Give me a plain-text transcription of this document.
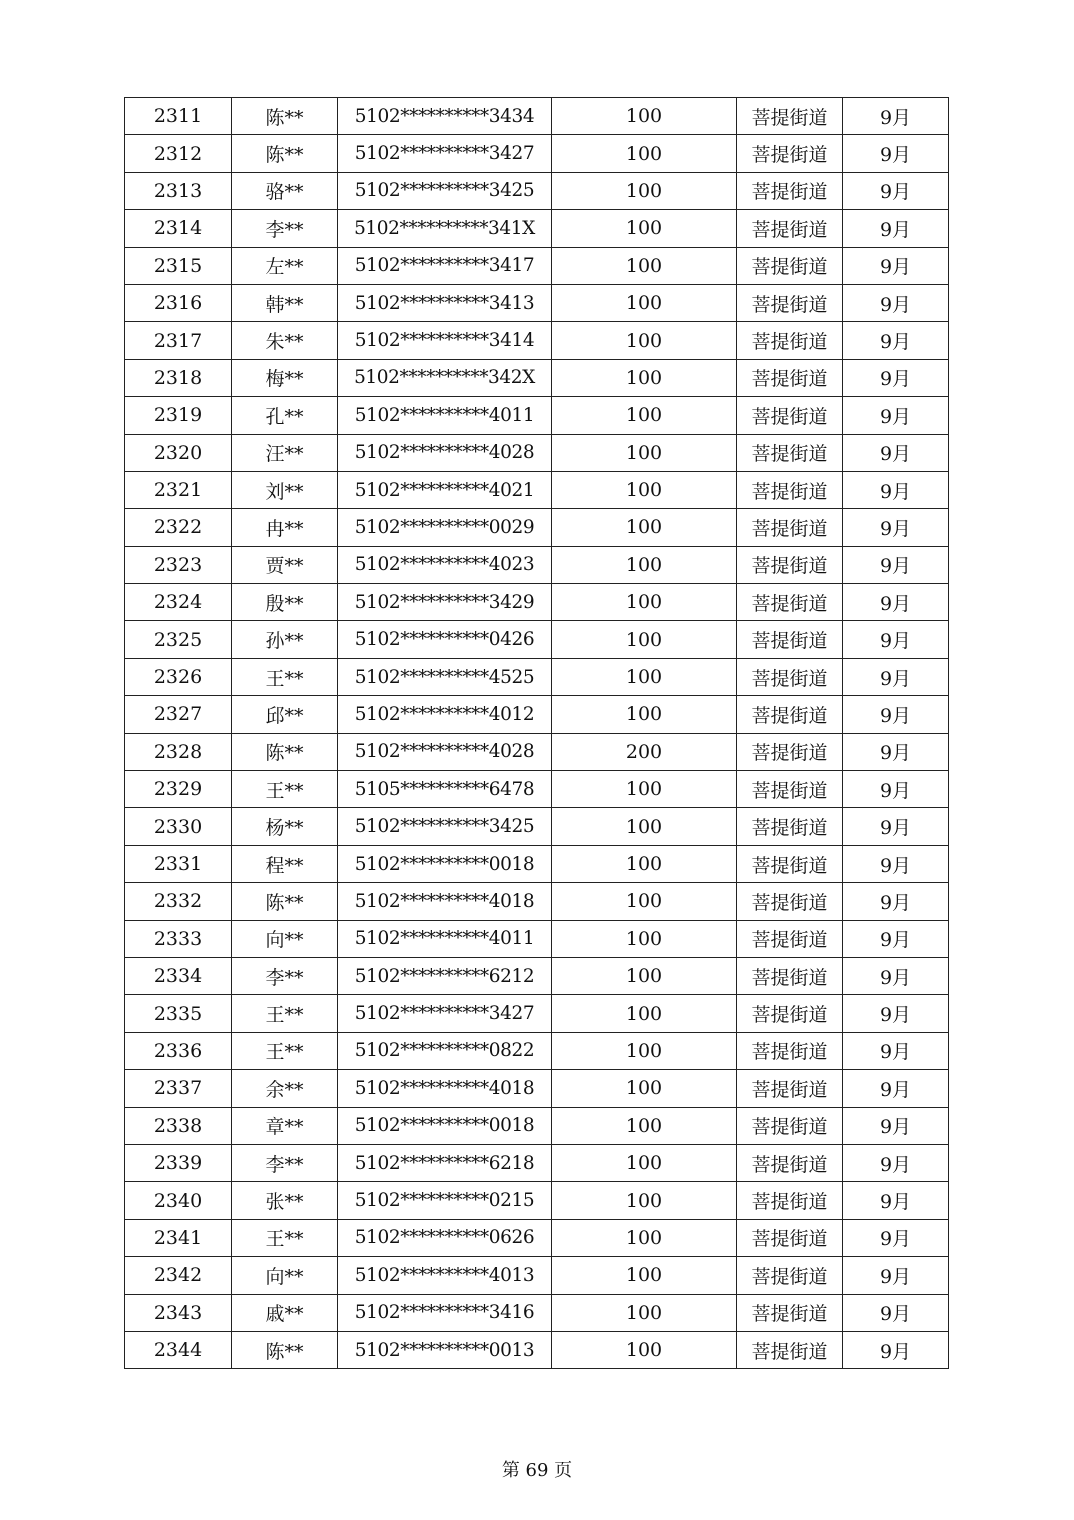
2311	陈**	5102**********3434	100	菩提街道	9月
2312	陈**	5102**********3427	100	菩提街道	9月
2313	骆**	5102**********3425	100	菩提街道	9月
2314	李**	5102**********341X	100	菩提街道	9月
2315	左**	5102**********3417	100	菩提街道	9月
2316	韩**	5102**********3413	100	菩提街道	9月
2317	朱**	5102**********3414	100	菩提街道	9月
2318	梅**	5102**********342X	100	菩提街道	9月
2319	孔**	5102**********4011	100	菩提街道	9月
2320	汪**	5102**********4028	100	菩提街道	9月
2321	刘**	5102**********4021	100	菩提街道	9月
2322	冉**	5102**********0029	100	菩提街道	9月
2323	贾**	5102**********4023	100	菩提街道	9月
2324	殷**	5102**********3429	100	菩提街道	9月
2325	孙**	5102**********0426	100	菩提街道	9月
2326	王**	5102**********4525	100	菩提街道	9月
2327	邱**	5102**********4012	100	菩提街道	9月
2328	陈**	5102**********4028	200	菩提街道	9月
2329	王**	5105**********6478	100	菩提街道	9月
2330	杨**	5102**********3425	100	菩提街道	9月
2331	程**	5102**********0018	100	菩提街道	9月
2332	陈**	5102**********4018	100	菩提街道	9月
2333	向**	5102**********4011	100	菩提街道	9月
2334	李**	5102**********6212	100	菩提街道	9月
2335	王**	5102**********3427	100	菩提街道	9月
2336	王**	5102**********0822	100	菩提街道	9月
2337	余**	5102**********4018	100	菩提街道	9月
2338	章**	5102**********0018	100	菩提街道	9月
2339	李**	5102**********6218	100	菩提街道	9月
2340	张**	5102**********0215	100	菩提街道	9月
2341	王**	5102**********0626	100	菩提街道	9月
2342	向**	5102**********4013	100	菩提街道	9月
2343	戚**	5102**********3416	100	菩提街道	9月
2344	陈**	5102**********0013	100	菩提街道	9月
第 69 页
